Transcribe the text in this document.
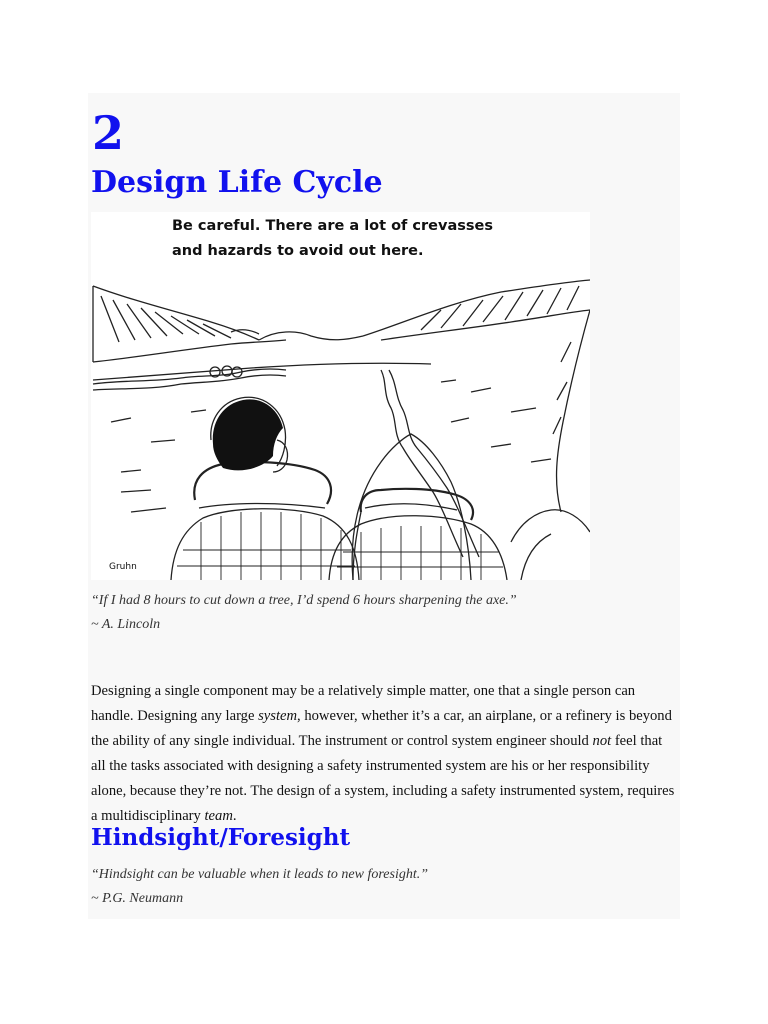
2
Design Life Cycle
Be careful. There are a lot of crevasses
and hazards to avoid out here.
Gruhn
“If I had 8 hours to cut down a tree, I’d spend 6 hours sharpening the axe.”
~ A. Lincoln
Designing a single component may be a relatively simple matter, one that a single person can handle. Designing any large system, however, whether it’s a car, an airplane, or a refinery is beyond the ability of any single individual. The instrument or control system engineer should not feel that all the tasks associated with designing a safety instrumented system are his or her responsibility alone, because they’re not. The design of a system, including a safety instrumented system, requires a multidisciplinary team.
Hindsight/Foresight
“Hindsight can be valuable when it leads to new foresight.”
~ P.G. Neumann
